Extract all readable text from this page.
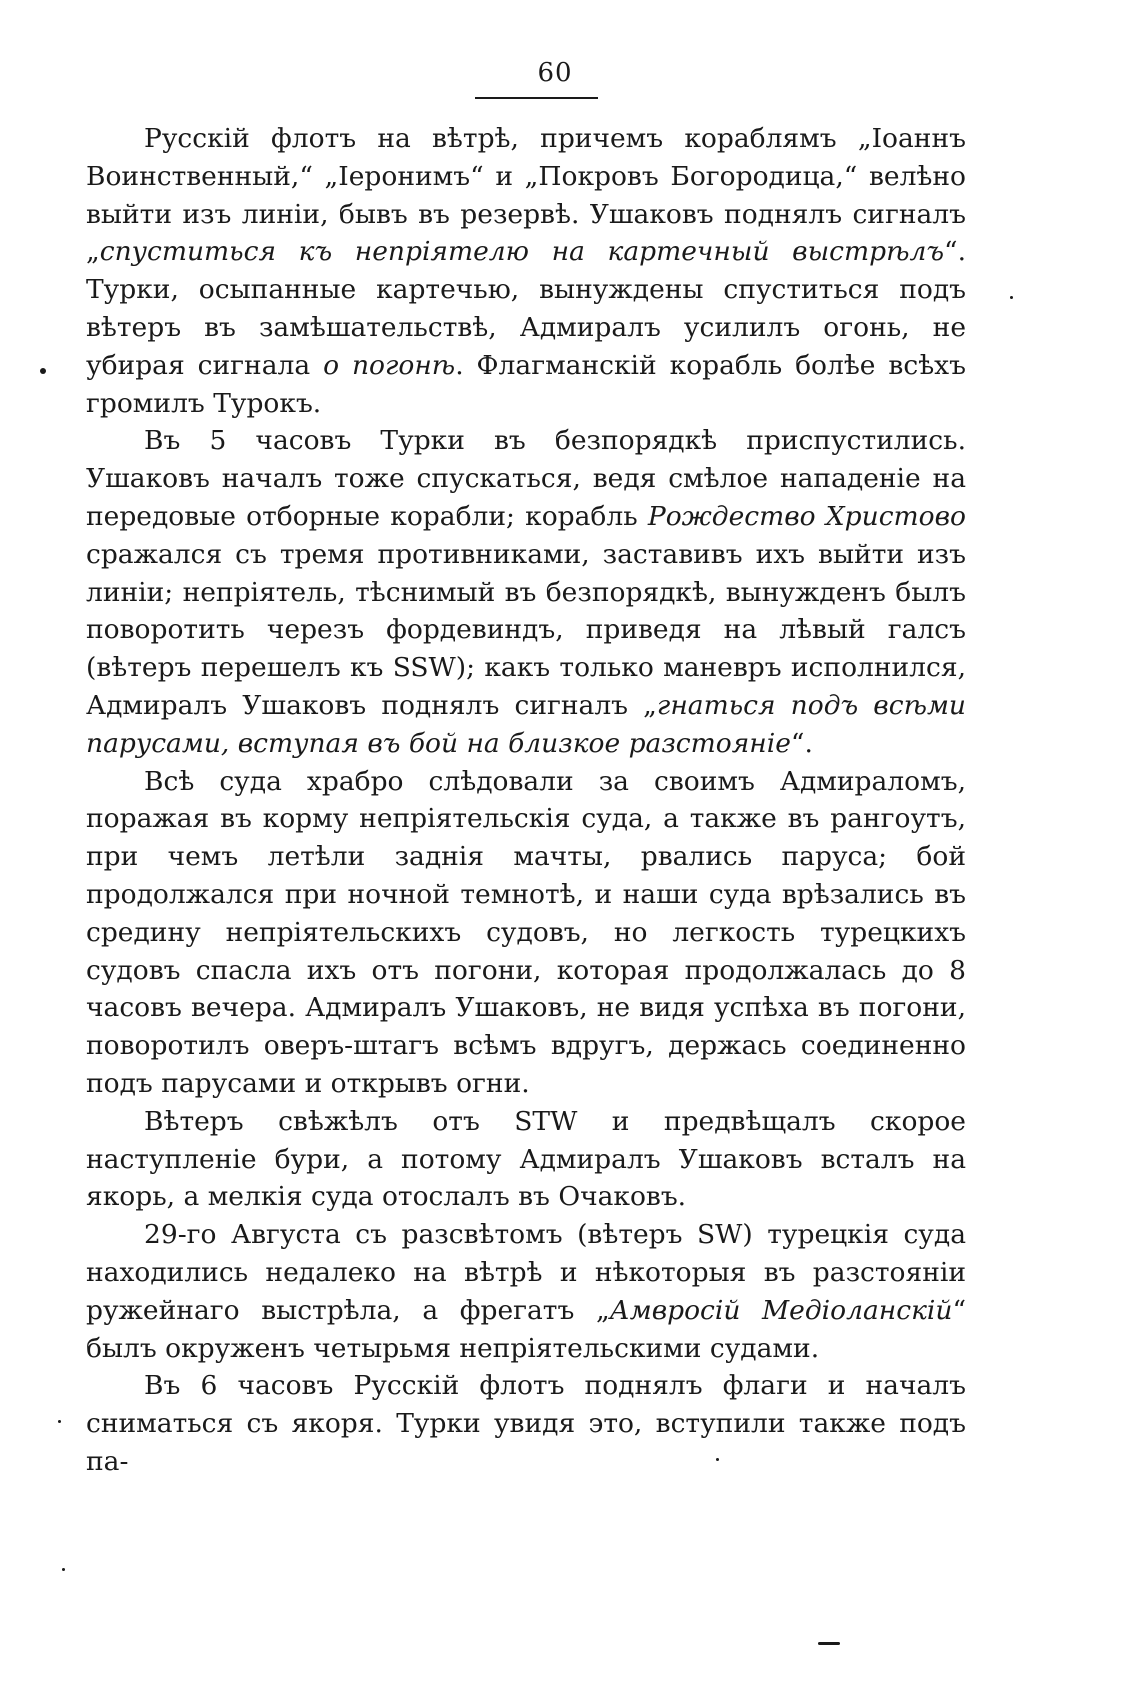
60

Русскій флотъ на вѣтрѣ, причемъ кораблямъ „Іоаннъ Воинственный,“ „Іеронимъ“ и „Покровъ Богородица,“ велѣно выйти изъ линіи, бывъ въ резервѣ. Ушаковъ поднялъ сигналъ „спуститься къ непріятелю на картечный выстрѣлъ“. Турки, осыпанные картечью, вынуждены спуститься подъ вѣтеръ въ замѣшательствѣ, Адмиралъ усилилъ огонь, не убирая сигнала о погонѣ. Флагманскій корабль болѣе всѣхъ громилъ Турокъ.

Въ 5 часовъ Турки въ безпорядкѣ приспустились. Ушаковъ началъ тоже спускаться, ведя смѣлое нападеніе на передовые отборные корабли; корабль Рождество Христово сражался съ тремя противниками, заставивъ ихъ выйти изъ линіи; непріятель, тѣснимый въ безпорядкѣ, вынужденъ былъ поворотить черезъ фордевиндъ, приведя на лѣвый галсъ (вѣтеръ перешелъ къ SSW); какъ только маневръ исполнился, Адмиралъ Ушаковъ поднялъ сигналъ „гнаться подъ всѣми парусами, вступая въ бой на близкое разстояніе“.

Всѣ суда храбро слѣдовали за своимъ Адмираломъ, поражая въ корму непріятельскія суда, а также въ рангоутъ, при чемъ летѣли заднія мачты, рвались паруса; бой продолжался при ночной темнотѣ, и наши суда врѣзались въ средину непріятельскихъ судовъ, но легкость турецкихъ судовъ спасла ихъ отъ погони, которая продолжалась до 8 часовъ вечера. Адмиралъ Ушаковъ, не видя успѣха въ погони, поворотилъ оверъ-штагъ всѣмъ вдругъ, держась соединенно подъ парусами и открывъ огни.

Вѣтеръ свѣжѣлъ отъ STW и предвѣщалъ скорое наступленіе бури, а потому Адмиралъ Ушаковъ всталъ на якорь, а мелкія суда отослалъ въ Очаковъ.

29-го Августа съ разсвѣтомъ (вѣтеръ SW) турецкія суда находились недалеко на вѣтрѣ и нѣкоторыя въ разстояніи ружейнаго выстрѣла, а фрегатъ „Амвросій Медіоланскій“ былъ окруженъ четырьмя непріятельскими судами.

Въ 6 часовъ Русскій флотъ поднялъ флаги и началъ сниматься съ якоря. Турки увидя это, вступили также подъ па-
